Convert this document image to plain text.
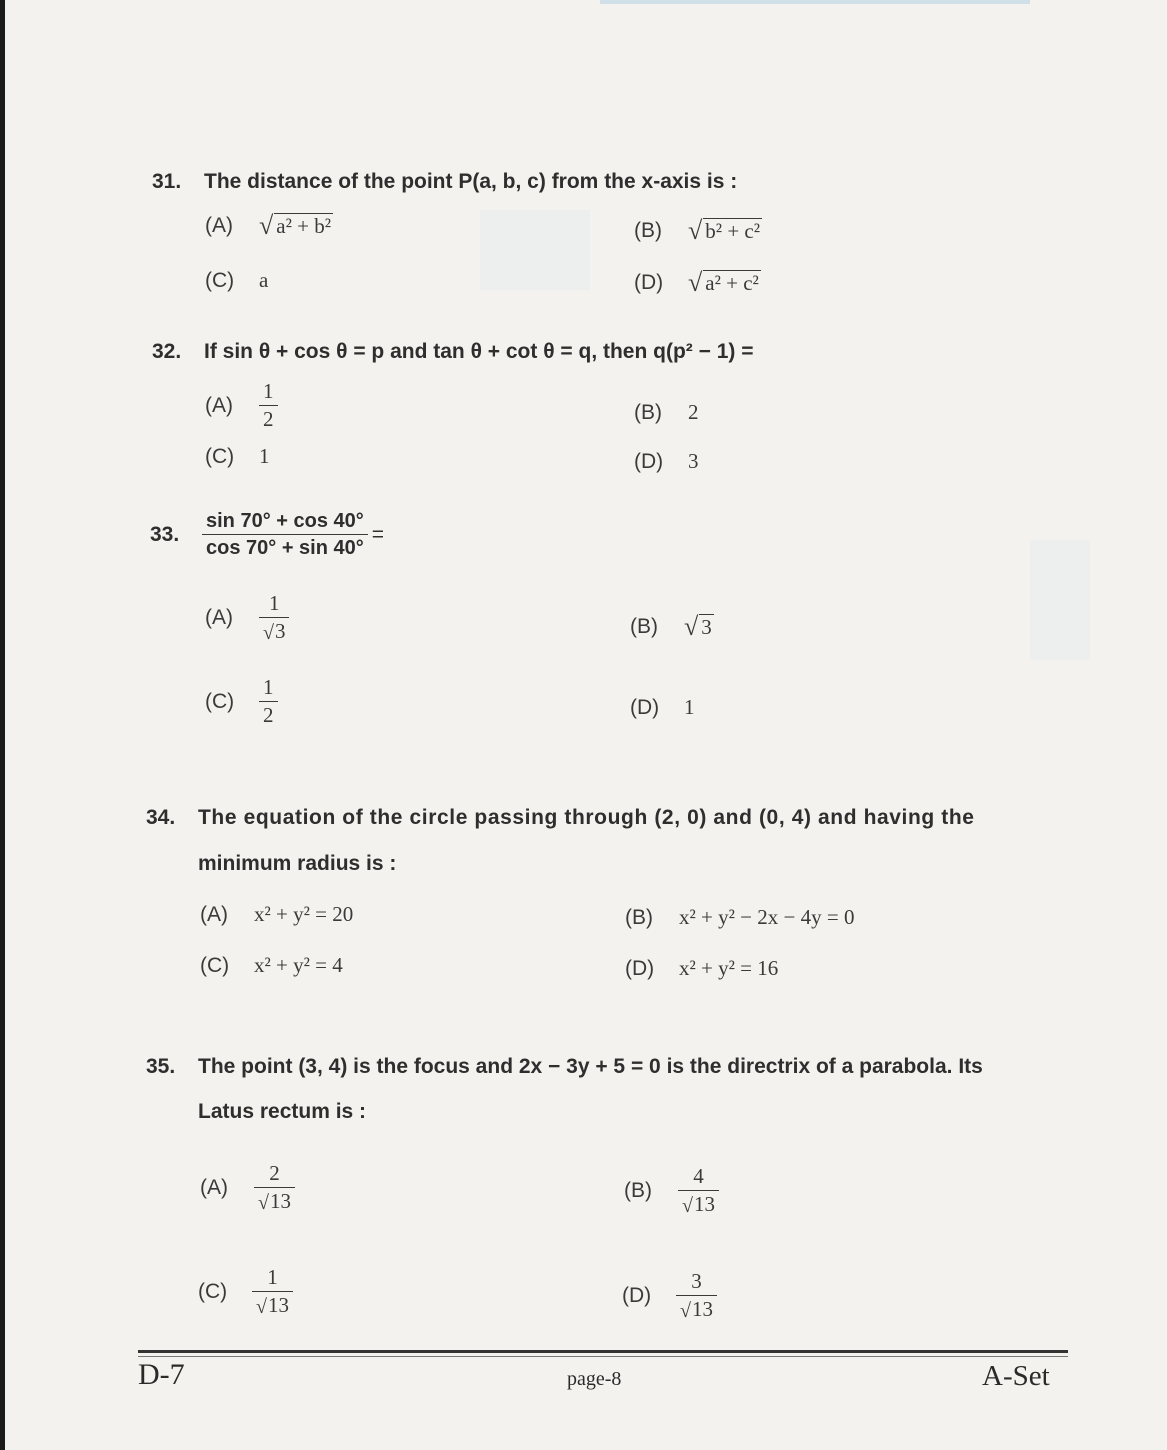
31. The distance of the point P(a, b, c) from the x-axis is :
(A)	√ a² + b²	(B)	√ b² + c²
(C)	a	(D) √ a² + c²
32. If sin θ + cos θ = p and tan θ + cot θ = q, then q(p² − 1) =
(A)	$\frac{1}{2}$	(B)	2
(C)	1	(D)	3
33.	$\frac{\sin 70^\circ + \cos 40^\circ}{\cos 70^\circ + \sin 40^\circ}$ =
(A)	$\frac{1}{√ 3}$	(B)	√ 3
(C)	$\frac{1}{2}$	(D)	1
34. The equation of the circle passing through (2, 0) and (0, 4) and having the
minimum radius is :
(A)	x² + y² = 20	(B)	x² + y² − 2x − 4y = 0
(C)	x² + y² = 4	(D)	x² + y² = 16
35. The point (3, 4) is the focus and 2x − 3y + 5 = 0 is the directrix of a parabola. Its
Latus rectum is :
(A)	$\frac{2}{√ 13}$	(B)	$\frac{4}{√ 13}$
(C)	$\frac{1}{√ 13}$	(D)	$\frac{3}{√ 13}$
D-7	page-8	A-Set
